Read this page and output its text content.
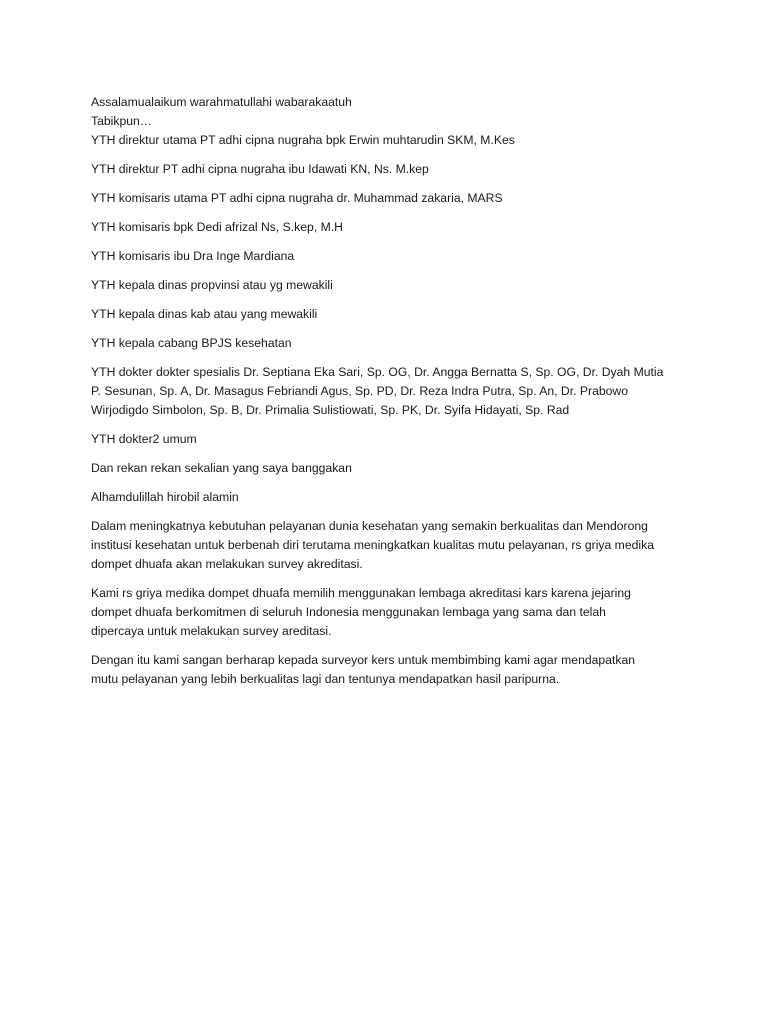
Assalamualaikum warahmatullahi wabarakaatuh

Tabikpun…

YTH direktur utama PT adhi cipna nugraha bpk Erwin muhtarudin SKM, M.Kes

YTH direktur PT adhi cipna nugraha ibu Idawati KN, Ns. M.kep

YTH komisaris utama PT adhi cipna nugraha dr. Muhammad zakaria, MARS

YTH komisaris bpk Dedi afrizal Ns, S.kep, M.H

YTH komisaris ibu Dra Inge Mardiana

YTH kepala dinas propvinsi atau yg mewakili

YTH kepala dinas kab atau yang mewakili

YTH kepala cabang BPJS kesehatan

YTH dokter dokter spesialis Dr. Septiana Eka Sari, Sp. OG, Dr. Angga Bernatta S, Sp. OG, Dr. Dyah Mutia
P. Sesunan, Sp. A, Dr. Masagus Febriandi Agus, Sp. PD, Dr. Reza Indra Putra, Sp. An, Dr. Prabowo
Wirjodigdo Simbolon, Sp. B, Dr. Primalia Sulistiowati, Sp. PK, Dr. Syifa Hidayati, Sp. Rad

YTH dokter2 umum

Dan rekan rekan sekalian yang saya banggakan

Alhamdulillah hirobil alamin

Dalam meningkatnya kebutuhan pelayanan dunia kesehatan yang semakin berkualitas dan Mendorong
institusi kesehatan untuk berbenah diri terutama meningkatkan kualitas mutu pelayanan, rs griya medika
dompet dhuafa akan melakukan survey akreditasi.

Kami rs griya medika dompet dhuafa memilih menggunakan lembaga akreditasi kars karena jejaring
dompet dhuafa berkomitmen di seluruh Indonesia menggunakan lembaga yang sama dan telah
dipercaya untuk melakukan survey areditasi.

Dengan itu kami sangan berharap kepada surveyor kers untuk membimbing kami agar mendapatkan
mutu pelayanan yang lebih berkualitas lagi dan tentunya mendapatkan hasil paripurna.
